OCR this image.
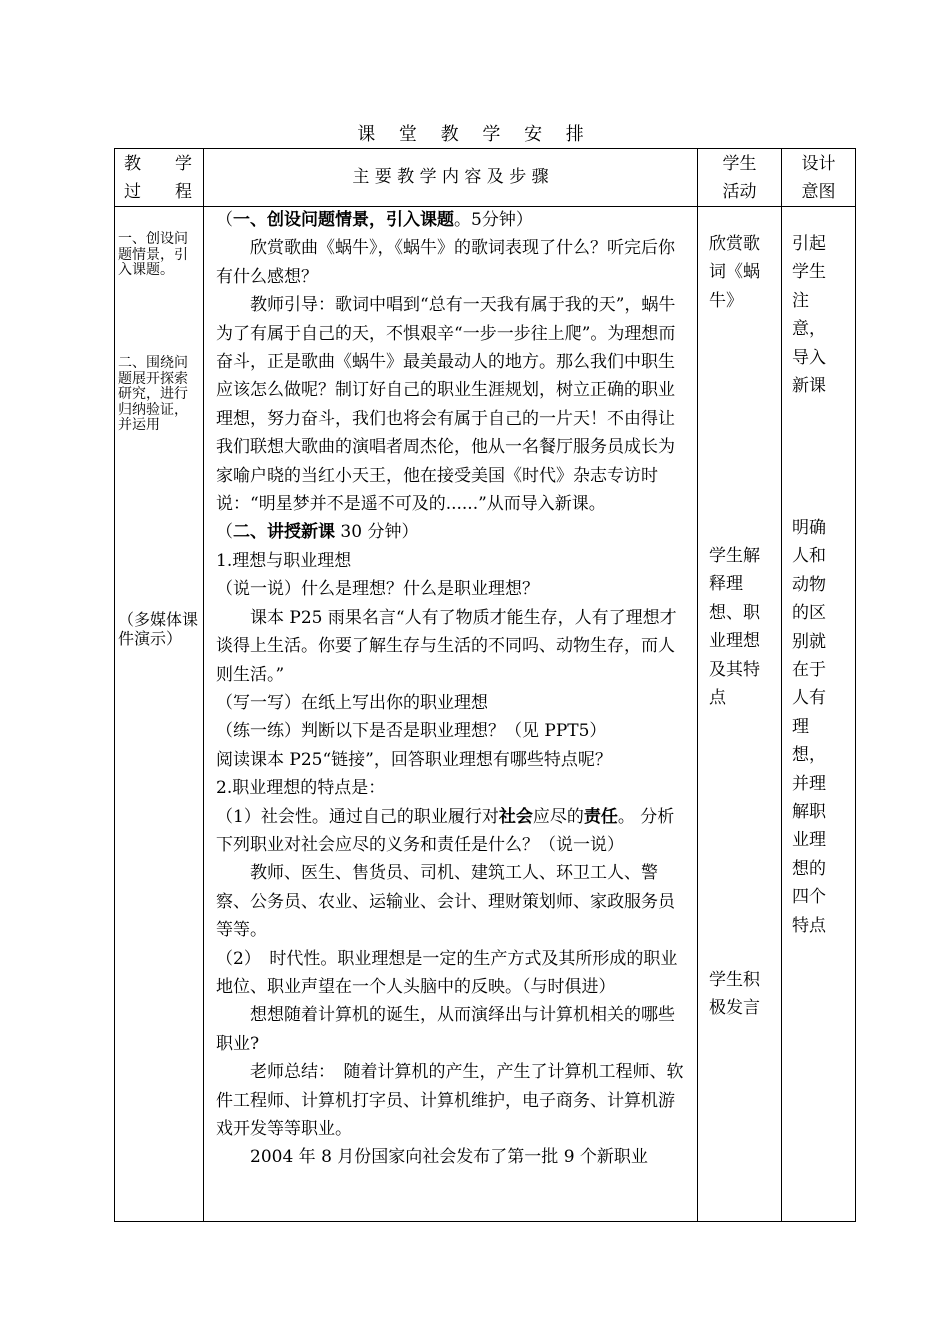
课 堂 教 学 安 排
教　　学
过　　程
主 要 教 学 内 容 及 步 骤
学生
活动
设计
意图
一、创设问题情景，引入课题。
二、围绕问题展开探索研究，进行归纳验证，并运用
（多媒体课件演示）

（一、创设问题情景，引入课题。5分钟）

欣赏歌曲《蜗牛》，《蜗牛》的歌词表现了什么？听完后你有什么感想？

教师引导：歌词中唱到“总有一天我有属于我的天”，蜗牛为了有属于自己的天，不惧艰辛“一步一步往上爬”。为理想而奋斗，正是歌曲《蜗牛》最美最动人的地方。那么我们中职生应该怎么做呢？制订好自己的职业生涯规划，树立正确的职业理想，努力奋斗，我们也将会有属于自己的一片天！不由得让我们联想大歌曲的演唱者周杰伦，他从一名餐厅服务员成长为家喻户晓的当红小天王，他在接受美国《时代》杂志专访时说：“明星梦并不是遥不可及的......”从而导入新课。

（二、讲授新课 30 分钟）

1.理想与职业理想

（说一说）什么是理想？什么是职业理想？

课本 P25 雨果名言“人有了物质才能生存，人有了理想才谈得上生活。你要了解生存与生活的不同吗、动物生存，而人则生活。”

（写一写）在纸上写出你的职业理想

（练一练）判断以下是否是职业理想？（见 PPT5）

阅读课本 P25“链接”，回答职业理想有哪些特点呢？

2.职业理想的特点是：

（1）社会性。通过自己的职业履行对社会应尽的责任。 分析下列职业对社会应尽的义务和责任是什么？（说一说）

教师、医生、售货员、司机、建筑工人、环卫工人、警察、公务员、农业、运输业、会计、理财策划师、家政服务员等等。

（2）　时代性。职业理想是一定的生产方式及其所形成的职业地位、职业声望在一个人头脑中的反映。（与时俱进）

想想随着计算机的诞生，从而演绎出与计算机相关的哪些职业?

老师总结：　随着计算机的产生，产生了计算机工程师、软件工程师、计算机打字员、计算机维护，电子商务、计算机游戏开发等等职业。

2004 年 8 月份国家向社会发布了第一批 9 个新职业

欣赏歌词《蜗牛》
学生解释理想、职业理想及其特点
学生积极发言
引起学生注意，导入新课
明确人和动物的区别就在于人有理想，并理解职业理想的四个特点
